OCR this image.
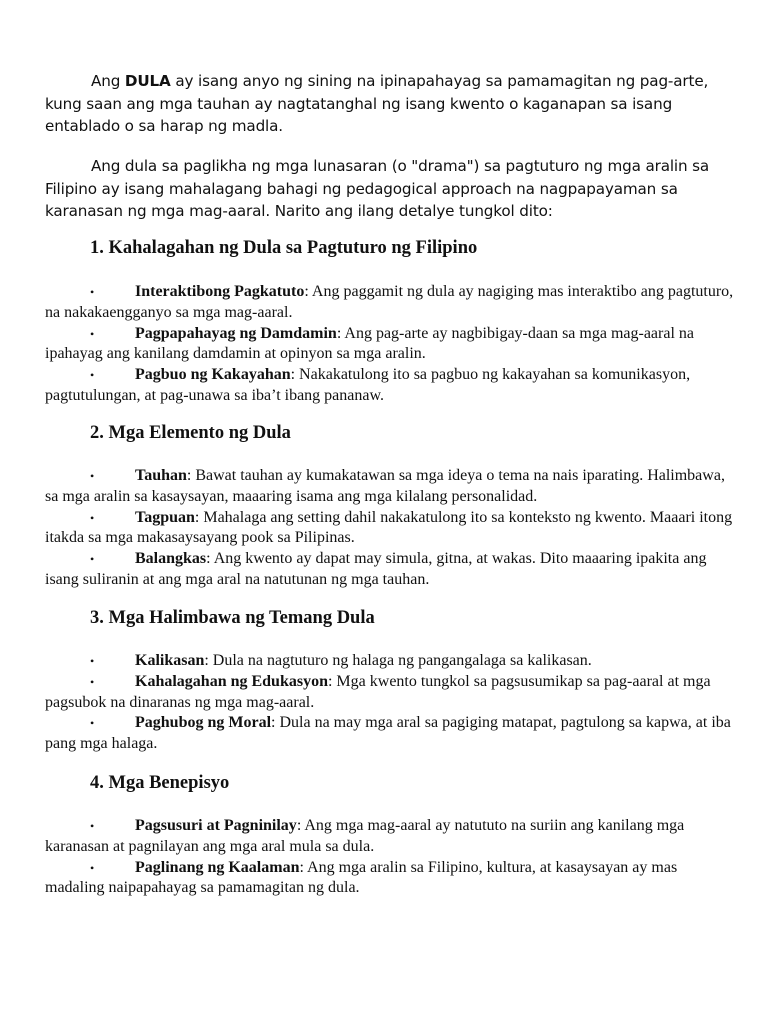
Ang DULA ay isang anyo ng sining na ipinapahayag sa pamamagitan ng pag-arte, kung saan ang mga tauhan ay nagtatanghal ng isang kwento o kaganapan sa isang entablado o sa harap ng madla.

Ang dula sa paglikha ng mga lunasaran (o "drama") sa pagtuturo ng mga aralin sa Filipino ay isang mahalagang bahagi ng pedagogical approach na nagpapayaman sa karanasan ng mga mag-aaral. Narito ang ilang detalye tungkol dito:

1. Kahalagahan ng Dula sa Pagtuturo ng Filipino
•	Interaktibong Pagkatuto: Ang paggamit ng dula ay nagiging mas interaktibo ang pagtuturo, na nakakaengganyo sa mga mag-aaral.
•	Pagpapahayag ng Damdamin: Ang pag-arte ay nagbibigay-daan sa mga mag-aaral na ipahayag ang kanilang damdamin at opinyon sa mga aralin.
•	Pagbuo ng Kakayahan: Nakakatulong ito sa pagbuo ng kakayahan sa komunikasyon, pagtutulungan, at pag-unawa sa iba’t ibang pananaw.
2. Mga Elemento ng Dula
•	Tauhan: Bawat tauhan ay kumakatawan sa mga ideya o tema na nais iparating. Halimbawa, sa mga aralin sa kasaysayan, maaaring isama ang mga kilalang personalidad.
•	Tagpuan: Mahalaga ang setting dahil nakakatulong ito sa konteksto ng kwento. Maaari itong itakda sa mga makasaysayang pook sa Pilipinas.
•	Balangkas: Ang kwento ay dapat may simula, gitna, at wakas. Dito maaaring ipakita ang isang suliranin at ang mga aral na natutunan ng mga tauhan.
3. Mga Halimbawa ng Temang Dula
•	Kalikasan: Dula na nagtuturo ng halaga ng pangangalaga sa kalikasan.
•	Kahalagahan ng Edukasyon: Mga kwento tungkol sa pagsusumikap sa pag-aaral at mga pagsubok na dinaranas ng mga mag-aaral.
•	Paghubog ng Moral: Dula na may mga aral sa pagiging matapat, pagtulong sa kapwa, at iba pang mga halaga.
4. Mga Benepisyo
•	Pagsusuri at Pagninilay: Ang mga mag-aaral ay natututo na suriin ang kanilang mga karanasan at pagnilayan ang mga aral mula sa dula.
•	Paglinang ng Kaalaman: Ang mga aralin sa Filipino, kultura, at kasaysayan ay mas madaling naipapahayag sa pamamagitan ng dula.
